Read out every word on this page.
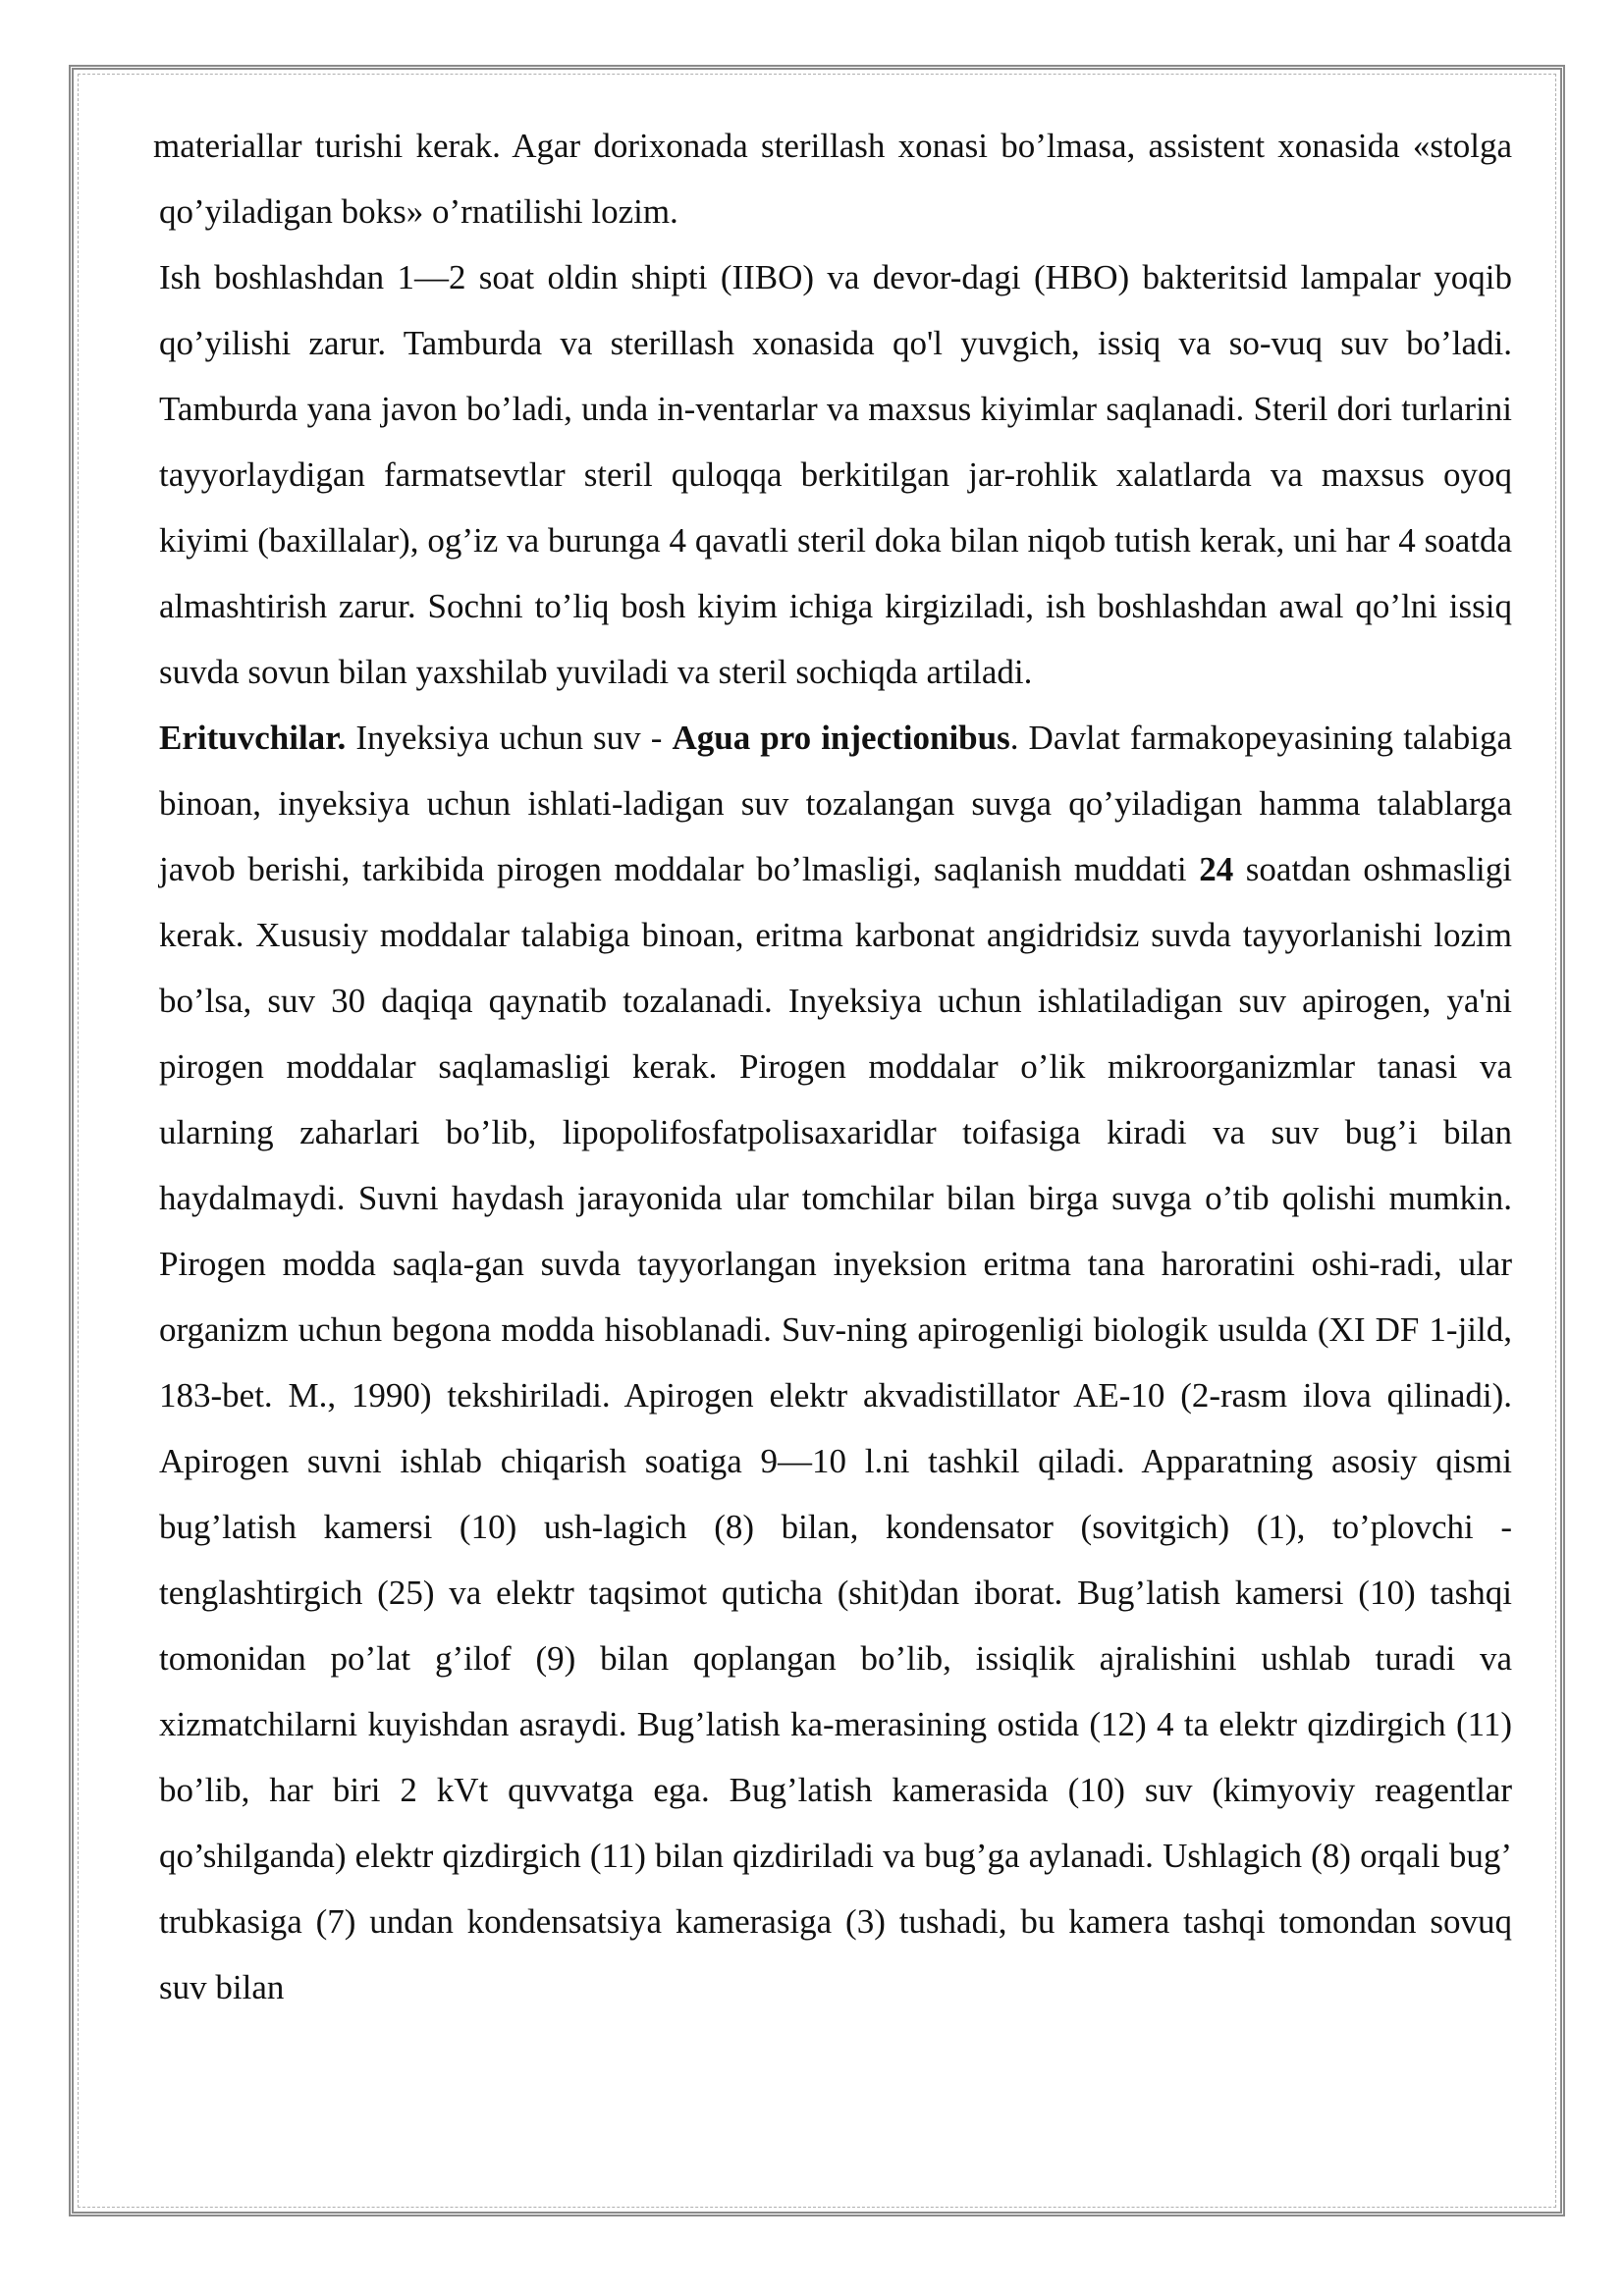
materiallar turishi kerak. Agar dorixonada sterillash xonasi bo’lmasa, assistent xonasida «stolga qo’yiladigan boks» o’rnatilishi lozim.

Ish boshlashdan 1—2 soat oldin shipti (IIBO) va devor-dagi (HBO) bakteritsid lampalar yoqib qo’yilishi zarur. Tamburda va sterillash xonasida qo'l yuvgich, issiq va so-vuq suv bo’ladi. Tamburda yana javon bo’ladi, unda in-ventarlar va maxsus kiyimlar saqlanadi. Steril dori turlarini tayyorlaydigan farmatsevtlar steril quloqqa berkitilgan jar-rohlik xalatlarda va maxsus oyoq kiyimi (baxillalar), og’iz va burunga 4 qavatli steril doka bilan niqob tutish kerak, uni har 4 soatda almashtirish zarur. Sochni to’liq bosh kiyim ichiga kirgiziladi, ish boshlashdan awal qo’lni issiq suvda sovun bilan yaxshilab yuviladi va steril sochiqda artiladi.

Erituvchilar. Inyeksiya uchun suv - Agua pro injectionibus. Davlat farmakopeyasining talabiga binoan, inyeksiya uchun ishlati-ladigan suv tozalangan suvga qo’yiladigan hamma talablarga javob berishi, tarkibida pirogen moddalar bo’lmasligi, saqlanish muddati 24 soatdan oshmasligi kerak. Xususiy moddalar talabiga binoan, eritma karbonat angidridsiz suvda tayyorlanishi lozim bo’lsa, suv 30 daqiqa qaynatib tozalanadi. Inyeksiya uchun ishlatiladigan suv apirogen, ya'ni pirogen moddalar saqlamasligi kerak. Pirogen moddalar o’lik mikroorganizmlar tanasi va ularning zaharlari bo’lib, lipopolifosfatpolisaxaridlar toifasiga kiradi va suv bug’i bilan haydalmaydi. Suvni haydash jarayonida ular tomchilar bilan birga suvga o’tib qolishi mumkin. Pirogen modda saqla-gan suvda tayyorlangan inyeksion eritma tana haroratini oshi-radi, ular organizm uchun begona modda hisoblanadi. Suv-ning apirogenligi biologik usulda (XI DF 1-jild, 183-bet. M., 1990) tekshiriladi. Apirogen elektr akvadistillator AE-10 (2-rasm ilova qilinadi). Apirogen suvni ishlab chiqarish soatiga 9—10 l.ni tashkil qiladi. Apparatning asosiy qismi bug’latish kamersi (10) ush-lagich (8) bilan, kondensator (sovitgich) (1), to’plovchi -tenglashtirgich (25) va elektr taqsimot quticha (shit)dan iborat. Bug’latish kamersi (10) tashqi tomonidan po’lat g’ilof (9) bilan qoplangan bo’lib, issiqlik ajralishini ushlab turadi va xizmatchilarni kuyishdan asraydi. Bug’latish ka-merasining ostida (12) 4 ta elektr qizdirgich (11) bo’lib, har biri 2 kVt quvvatga ega. Bug’latish kamerasida (10) suv (kimyoviy reagentlar qo’shilganda) elektr qizdirgich (11) bilan qizdiriladi va bug’ga aylanadi. Ushlagich (8) orqali bug’ trubkasiga (7) undan kondensatsiya kamerasiga (3) tushadi, bu kamera tashqi tomondan sovuq suv bilan
